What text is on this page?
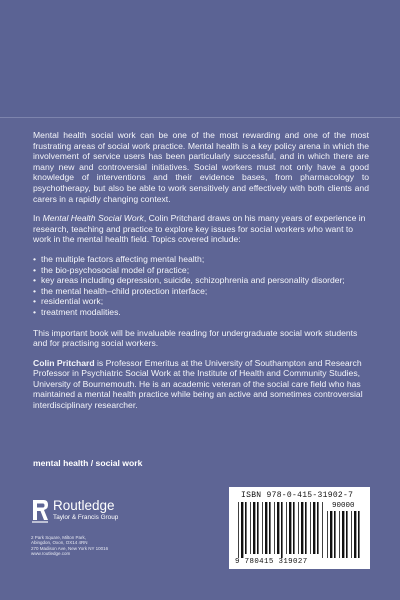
Mental health social work can be one of the most rewarding and one of the most frustrating areas of social work practice. Mental health is a key policy arena in which the involvement of service users has been particularly successful, and in which there are many new and controversial initiatives. Social workers must not only have a good knowledge of interventions and their evidence bases, from pharmacology to psychotherapy, but also be able to work sensitively and effectively with both clients and carers in a rapidly changing context.

In Mental Health Social Work, Colin Pritchard draws on his many years of experience in research, teaching and practice to explore key issues for social workers who want to work in the mental health field. Topics covered include:

• the multiple factors affecting mental health;
• the bio-psychosocial model of practice;
• key areas including depression, suicide, schizophrenia and personality disorder;
• the mental health–child protection interface;
• residential work;
• treatment modalities.

This important book will be invaluable reading for undergraduate social work students and for practising social workers.

Colin Pritchard is Professor Emeritus at the University of Southampton and Research Professor in Psychiatric Social Work at the Institute of Health and Community Studies, University of Bournemouth. He is an academic veteran of the social care field who has maintained a mental health practice while being an active and sometimes controversial interdisciplinary researcher.

mental health / social work
Routledge
Taylor & Francis Group
2 Park Square, Milton Park,
Abingdon, Oxon, OX14 4RN
270 Madison Ave, New York NY 10016
www.routledge.com
ISBN 978-0-415-31902-7
90000
9 780415 319027
